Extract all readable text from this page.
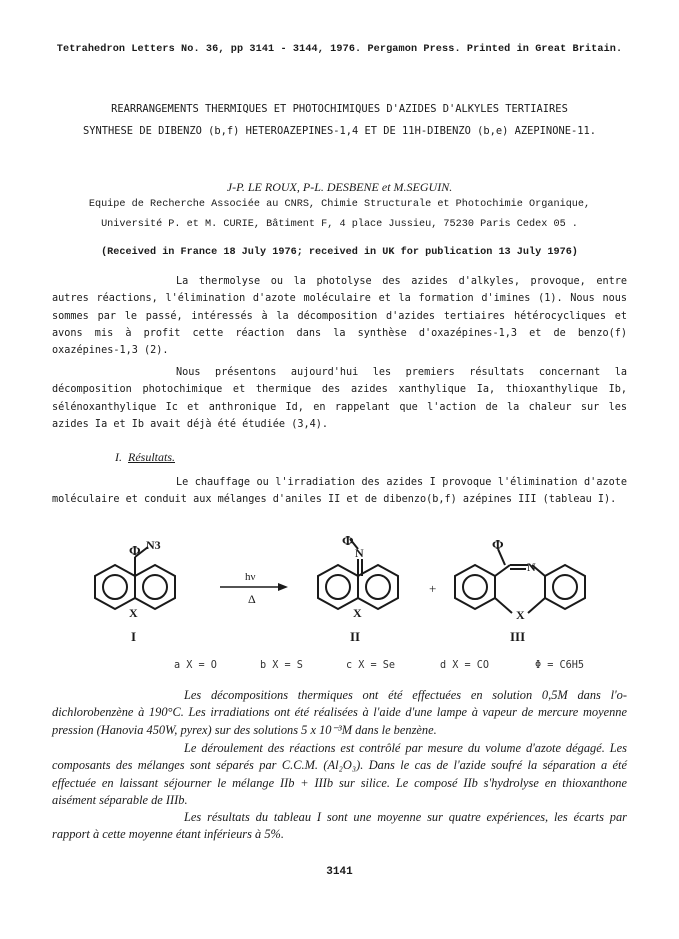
Tetrahedron Letters No. 36, pp 3141 - 3144, 1976. Pergamon Press. Printed in Great Britain.
REARRANGEMENTS THERMIQUES ET PHOTOCHIMIQUES D'AZIDES D'ALKYLES TERTIAIRES
SYNTHESE DE DIBENZO (b,f) HETEROAZEPINES-1,4 ET DE 11H-DIBENZO (b,e) AZEPINONE-11.
J-P. LE ROUX, P-L. DESBENE et M.SEGUIN.
Equipe de Recherche Associée au CNRS, Chimie Structurale et Photochimie Organique,
Université P. et M. CURIE, Bâtiment F, 4 place Jussieu, 75230 Paris Cedex 05 .
(Received in France 18 July 1976; received in UK for publication 13 July 1976)

La thermolyse ou la photolyse des azides d'alkyles, provoque, entre autres réactions, l'élimination d'azote moléculaire et la formation d'imines (1). Nous nous sommes par le passé, intéressés à la décomposition d'azides tertiaires hétérocycliques et avons mis à profit cette réaction dans la synthèse d'oxazépines-1,3 et de benzo(f) oxazépines-1,3 (2).

Nous présentons aujourd'hui les premiers résultats concernant la décomposition photochimique et thermique des azides xanthylique Ia, thioxanthylique Ib, sélénoxanthylique Ic et anthronique Id, en rappelant que l'action de la chaleur sur les azides Ia et Ib avait déjà été étudiée (3,4).

I. Résultats.

Le chauffage ou l'irradiation des azides I provoque l'élimination d'azote moléculaire et conduit aux mélanges d'aniles II et de dibenzo(b,f) azépines III (tableau I).

Φ N3
X
I
hν
Δ
Φ
N
X
II
+
Φ
N
X
III
a X = O	b X = S	c X = Se	d X = CO	Φ = C6H5

Les décompositions thermiques ont été effectuées en solution 0,5M dans l'o-dichlorobenzène à 190°C. Les irradiations ont été réalisées à l'aide d'une lampe à vapeur de mercure moyenne pression (Hanovia 450W, pyrex) sur des solutions 5 x 10⁻³M dans le benzène.

Le déroulement des réactions est contrôlé par mesure du volume d'azote dégagé. Les composants des mélanges sont séparés par C.C.M. (Al₂O₃). Dans le cas de l'azide soufré la séparation a été effectuée en laissant séjourner le mélange IIb + IIIb sur silice. Le composé IIb s'hydrolyse en thioxanthone aisément séparable de IIIb.

Les résultats du tableau I sont une moyenne sur quatre expériences, les écarts par rapport à cette moyenne étant inférieurs à 5%.

3141
